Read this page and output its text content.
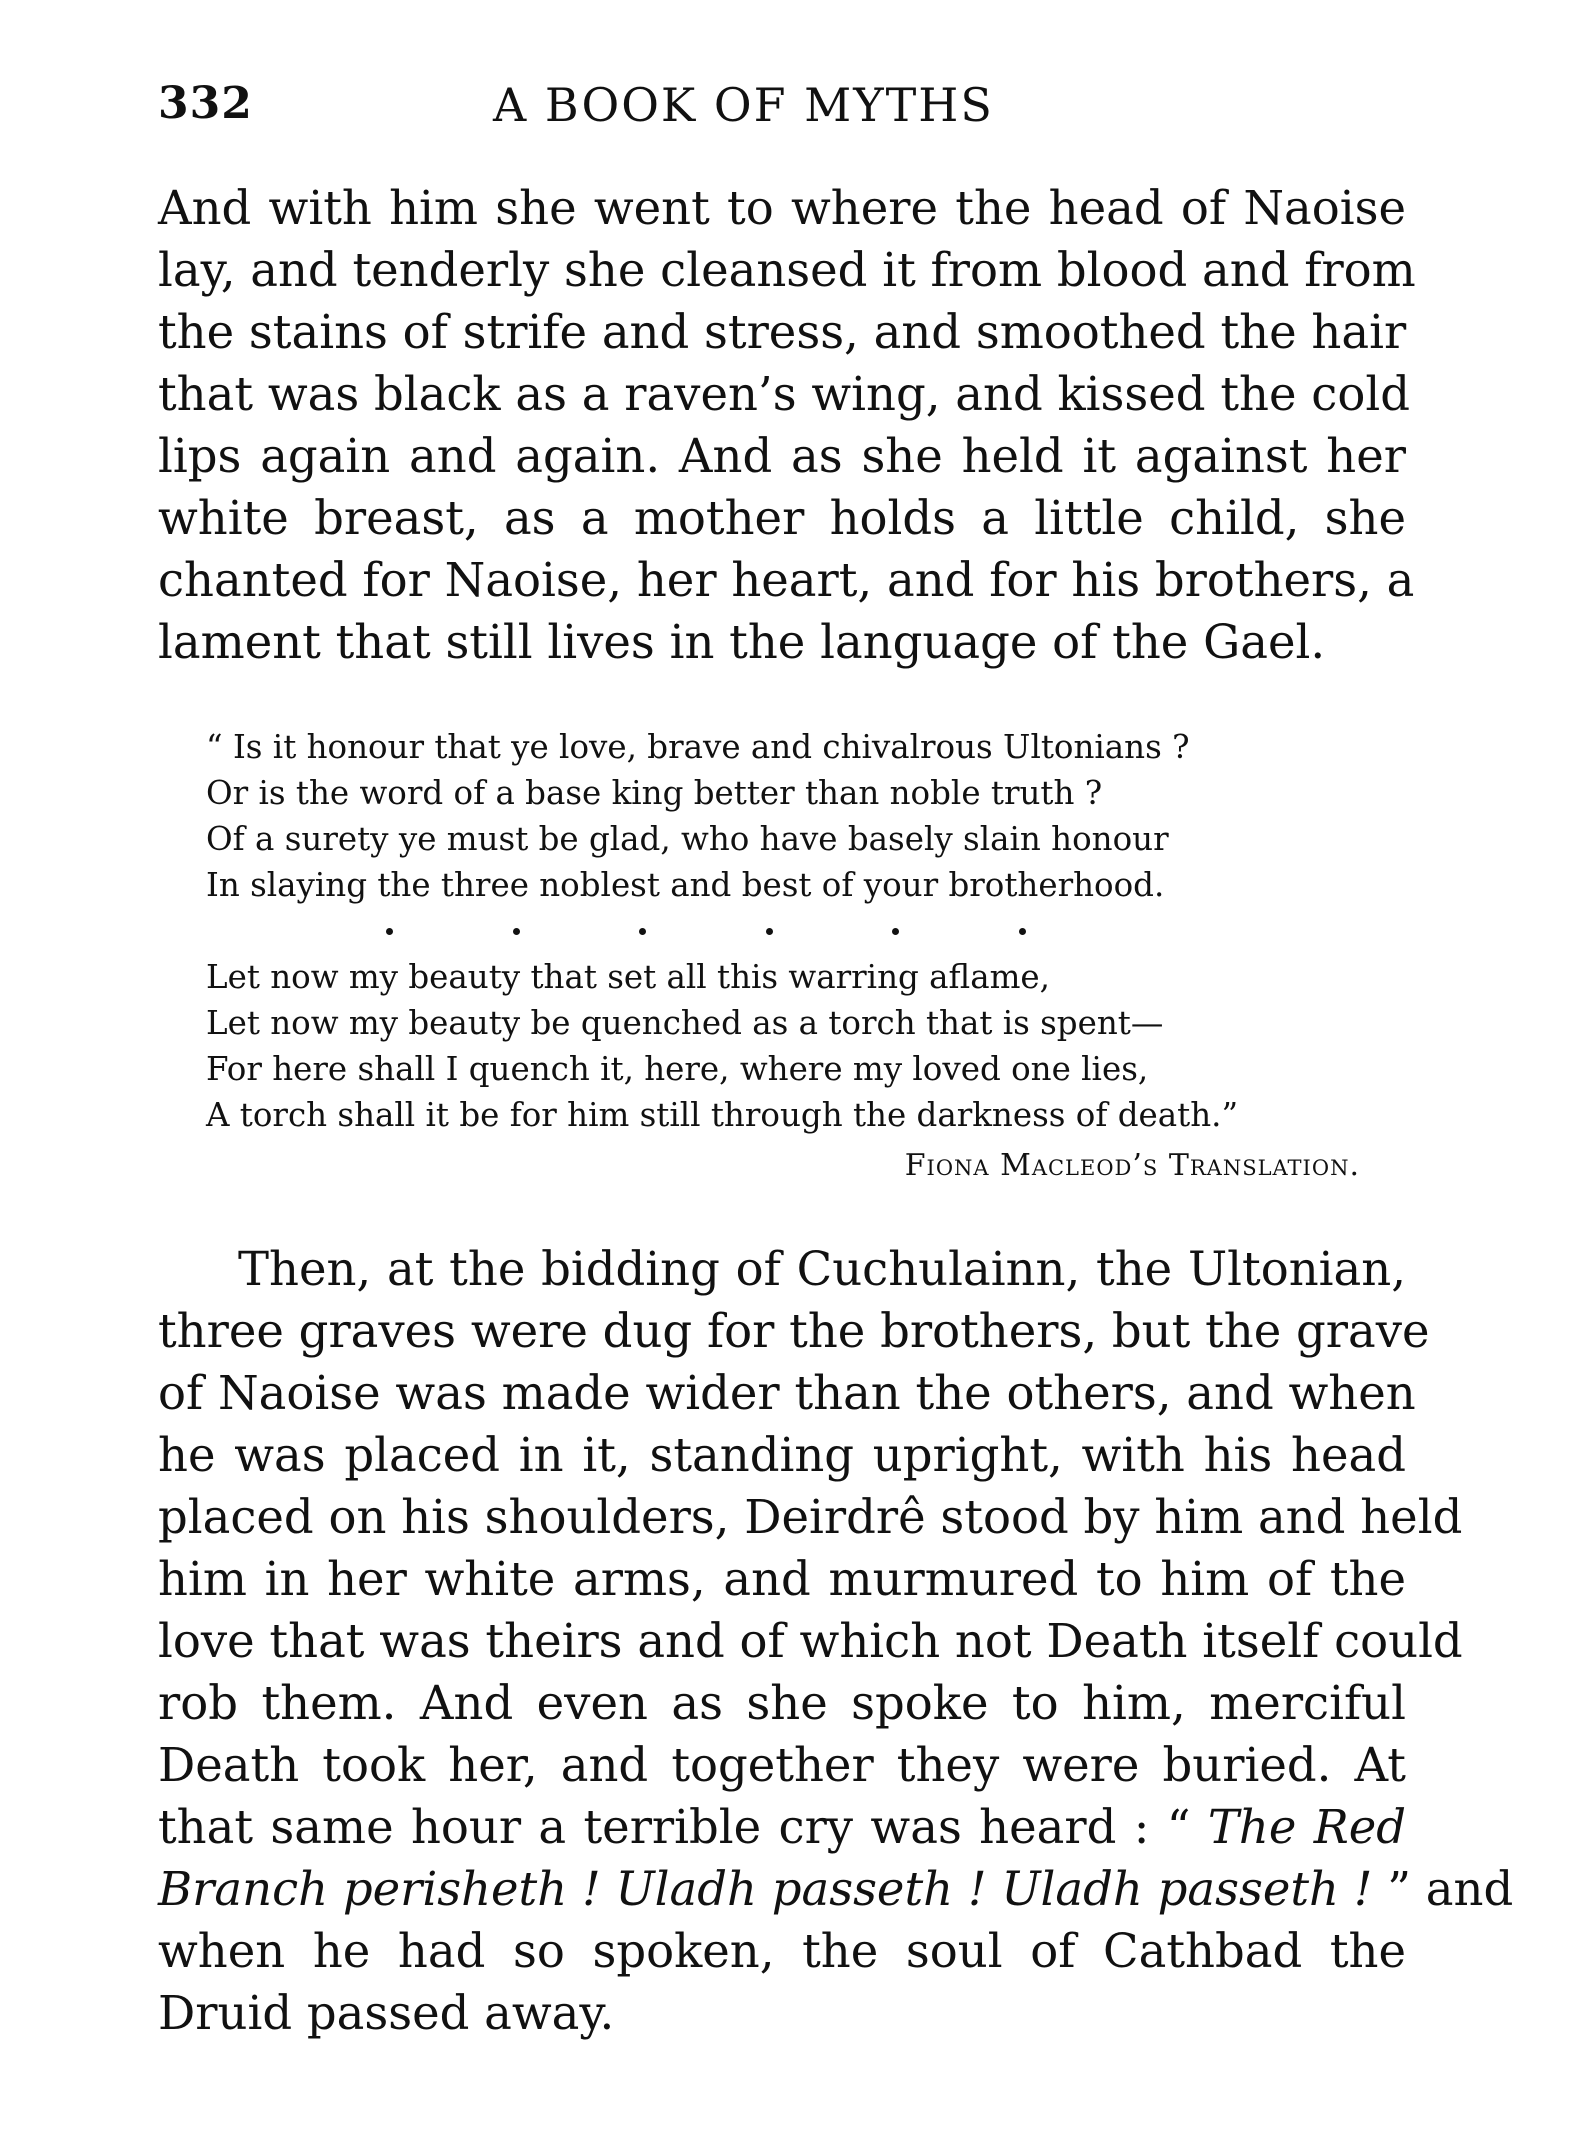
332	A BOOK OF MYTHS
And with him she went to where the head of Naoise
lay, and tenderly she cleansed it from blood and from
the stains of strife and stress, and smoothed the hair
that was black as a raven’s wing, and kissed the cold
lips again and again. And as she held it against her
white breast, as a mother holds a little child, she
chanted for Naoise, her heart, and for his brothers, a
lament that still lives in the language of the Gael.
“ Is it honour that ye love, brave and chivalrous Ultonians ?
Or is the word of a base king better than noble truth ?
Of a surety ye must be glad, who have basely slain honour
In slaying the three noblest and best of your brotherhood.
Let now my beauty that set all this warring aflame,
Let now my beauty be quenched as a torch that is spent—
For here shall I quench it, here, where my loved one lies,
A torch shall it be for him still through the darkness of death.”
Fiona Macleod’s Translation.
Then, at the bidding of Cuchulainn, the Ultonian,
three graves were dug for the brothers, but the grave
of Naoise was made wider than the others, and when
he was placed in it, standing upright, with his head
placed on his shoulders, Deirdrê stood by him and held
him in her white arms, and murmured to him of the
love that was theirs and of which not Death itself could
rob them. And even as she spoke to him, merciful
Death took her, and together they were buried. At
that same hour a terrible cry was heard : “ The Red
Branch perisheth ! Uladh passeth ! Uladh passeth ! ” and
when he had so spoken, the soul of Cathbad the
Druid passed away.
